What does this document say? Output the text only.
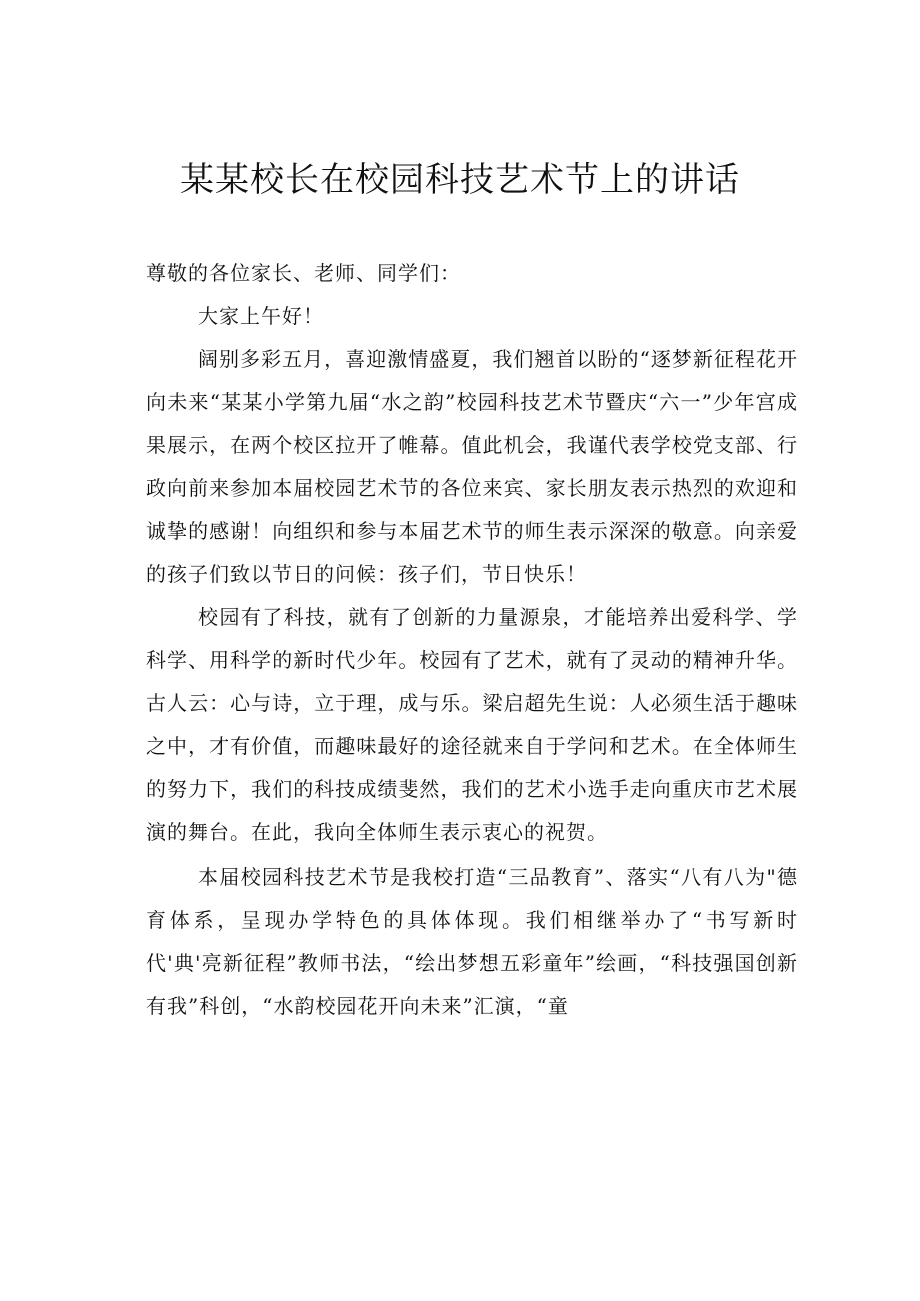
某某校长在校园科技艺术节上的讲话

尊敬的各位家长、老师、同学们：

大家上午好！

阔别多彩五月，喜迎激情盛夏，我们翘首以盼的“逐梦新征程花开向未来“某某小学第九届“水之韵”校园科技艺术节暨庆“六一”少年宫成果展示，在两个校区拉开了帷幕。值此机会，我谨代表学校党支部、行政向前来参加本届校园艺术节的各位来宾、家长朋友表示热烈的欢迎和诚挚的感谢！向组织和参与本届艺术节的师生表示深深的敬意。向亲爱的孩子们致以节日的问候：孩子们，节日快乐！

校园有了科技，就有了创新的力量源泉，才能培养出爱科学、学科学、用科学的新时代少年。校园有了艺术，就有了灵动的精神升华。古人云：心与诗，立于理，成与乐。梁启超先生说：人必须生活于趣味之中，才有价值，而趣味最好的途径就来自于学问和艺术。在全体师生的努力下，我们的科技成绩斐然，我们的艺术小选手走向重庆市艺术展演的舞台。在此，我向全体师生表示衷心的祝贺。

本届校园科技艺术节是我校打造“三品教育”、落实“八有八为"德育体系，呈现办学特色的具体体现。我们相继举办了“书写新时代'典'亮新征程”教师书法，“绘出梦想五彩童年”绘画，“科技强国创新有我”科创，“水韵校园花开向未来”汇演，“童
